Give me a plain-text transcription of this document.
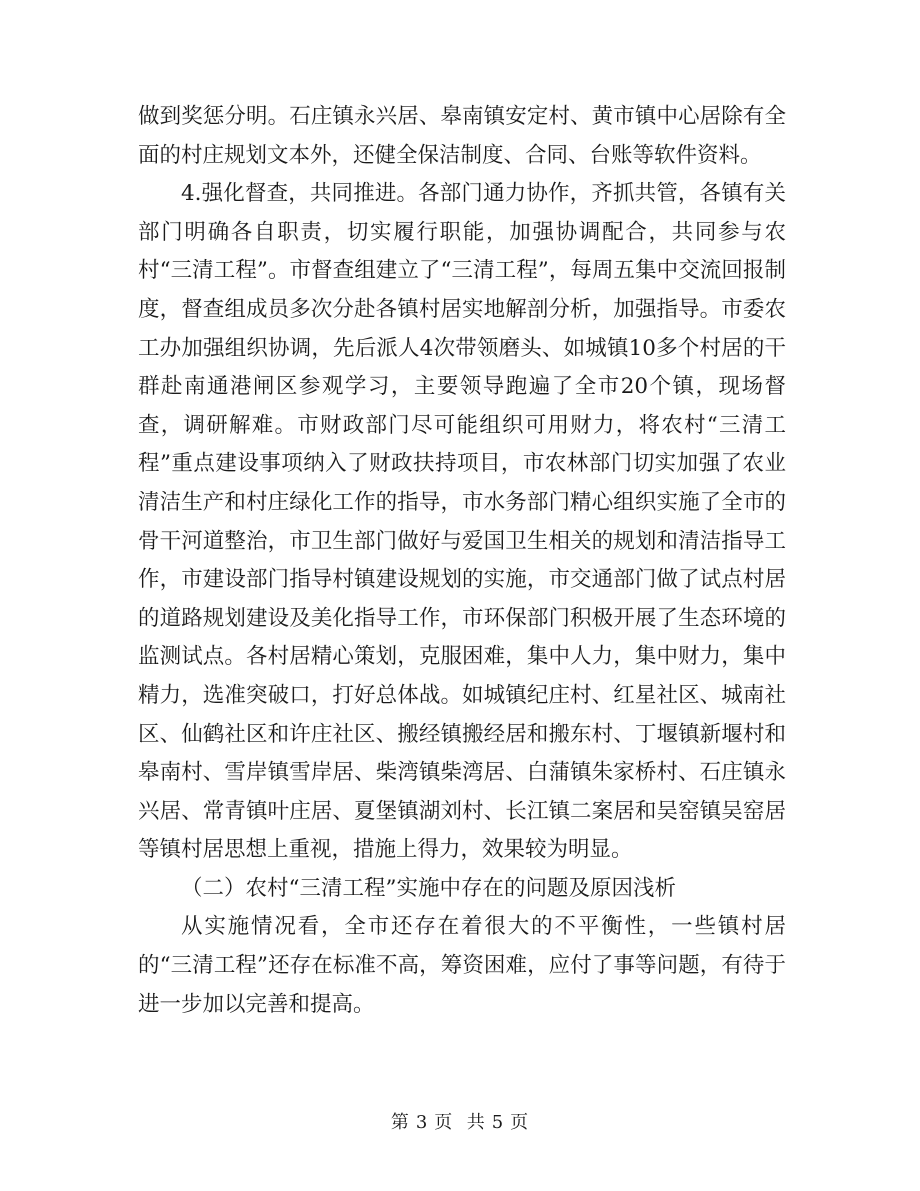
做到奖惩分明。石庄镇永兴居、皋南镇安定村、黄市镇中心居除有全面的村庄规划文本外，还健全保洁制度、合同、台账等软件资料。

4.强化督查，共同推进。各部门通力协作，齐抓共管，各镇有关部门明确各自职责，切实履行职能，加强协调配合，共同参与农村“三清工程”。市督查组建立了“三清工程”，每周五集中交流回报制度，督查组成员多次分赴各镇村居实地解剖分析，加强指导。市委农工办加强组织协调，先后派人4次带领磨头、如城镇10多个村居的干群赴南通港闸区参观学习，主要领导跑遍了全市20个镇，现场督查，调研解难。市财政部门尽可能组织可用财力，将农村“三清工程”重点建设事项纳入了财政扶持项目，市农林部门切实加强了农业清洁生产和村庄绿化工作的指导，市水务部门精心组织实施了全市的骨干河道整治，市卫生部门做好与爱国卫生相关的规划和清洁指导工作，市建设部门指导村镇建设规划的实施，市交通部门做了试点村居的道路规划建设及美化指导工作，市环保部门积极开展了生态环境的监测试点。各村居精心策划，克服困难，集中人力，集中财力，集中精力，选准突破口，打好总体战。如城镇纪庄村、红星社区、城南社区、仙鹤社区和许庄社区、搬经镇搬经居和搬东村、丁堰镇新堰村和皋南村、雪岸镇雪岸居、柴湾镇柴湾居、白蒲镇朱家桥村、石庄镇永兴居、常青镇叶庄居、夏堡镇湖刘村、长江镇二案居和吴窑镇吴窑居等镇村居思想上重视，措施上得力，效果较为明显。

（二）农村“三清工程”实施中存在的问题及原因浅析

从实施情况看，全市还存在着很大的不平衡性，一些镇村居的“三清工程”还存在标准不高，筹资困难，应付了事等问题，有待于进一步加以完善和提高。

第 3 页  共 5 页
